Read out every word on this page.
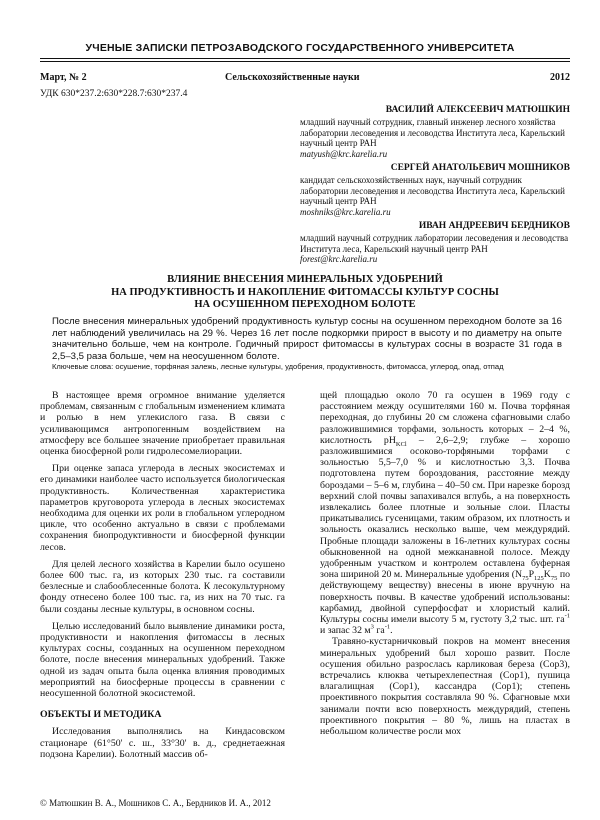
УЧЕНЫЕ ЗАПИСКИ ПЕТРОЗАВОДСКОГО ГОСУДАРСТВЕННОГО УНИВЕРСИТЕТА
Март, № 2	Сельскохозяйственные науки	2012
УДК 630*237.2:630*228.7:630*237.4
ВАСИЛИЙ АЛЕКСЕЕВИЧ МАТЮШКИН
младший научный сотрудник, главный инженер лесного хозяйства лаборатории лесоведения и лесоводства Института леса, Карельский научный центр РАН
matyush@krc.karelia.ru
СЕРГЕЙ АНАТОЛЬЕВИЧ МОШНИКОВ
кандидат сельскохозяйственных наук, научный сотрудник лаборатории лесоведения и лесоводства Института леса, Карельский научный центр РАН
moshniks@krc.karelia.ru
ИВАН АНДРЕЕВИЧ БЕРДНИКОВ
младший научный сотрудник лаборатории лесоведения и лесоводства Института леса, Карельский научный центр РАН
forest@krc.karelia.ru
ВЛИЯНИЕ ВНЕСЕНИЯ МИНЕРАЛЬНЫХ УДОБРЕНИЙ
НА ПРОДУКТИВНОСТЬ И НАКОПЛЕНИЕ ФИТОМАССЫ КУЛЬТУР СОСНЫ
НА ОСУШЕННОМ ПЕРЕХОДНОМ БОЛОТЕ
После внесения минеральных удобрений продуктивность культур сосны на осушенном переходном болоте за 16 лет наблюдений увеличилась на 29 %. Через 16 лет после подкормки прирост в высоту и по диаметру на опыте значительно больше, чем на контроле. Годичный прирост фитомассы в культурах сосны в возрасте 31 года в 2,5–3,5 раза больше, чем на неосушенном болоте.
Ключевые слова: осушение, торфяная залежь, лесные культуры, удобрения, продуктивность, фитомасса, углерод, опад, отпад

В настоящее время огромное внимание уделяется проблемам, связанным с глобальным изменением климата и ролью в нем углекислого газа. В связи с усиливающимся антропогенным воздействием на атмосферу все большее значение приобретает правильная оценка биосферной роли гидролесомелиорации.

При оценке запаса углерода в лесных экосистемах и его динамики наиболее часто используется биологическая продуктивность. Количественная характеристика параметров круговорота углерода в лесных экосистемах необходима для оценки их роли в глобальном углеродном цикле, что особенно актуально в связи с проблемами сохранения биопродуктивности и биосферной функции лесов.

Для целей лесного хозяйства в Карелии было осушено более 600 тыс. га, из которых 230 тыс. га составили безлесные и слабооблесенные болота. К лесокультурному фонду отнесено более 100 тыс. га, из них на 70 тыс. га были созданы лесные культуры, в основном сосны.

Целью исследований было выявление динамики роста, продуктивности и накопления фитомассы в лесных культурах сосны, созданных на осушенном переходном болоте, после внесения минеральных удобрений. Также одной из задач опыта была оценка влияния проводимых мероприятий на биосферные процессы в сравнении с неосушенной болотной экосистемой.

ОБЪЕКТЫ И МЕТОДИКА

Исследования выполнялись на Киндасовском стационаре (61°50' с. ш., 33°30' в. д., среднетаежная подзона Карелии). Болотный массив об-

щей площадью около 70 га осушен в 1969 году с расстоянием между осушителями 160 м. Почва торфяная переходная, до глубины 20 см сложена сфагновыми слабо разложившимися торфами, зольность которых – 2–4 %, кислотность $pH_{KCl} - 2,6-2,9$; глубже – хорошо разложившимися осоково-торфяными торфами с зольностью 5,5–7,0 % и кислотностью 3,3. Почва подготовлена путем бороздования, расстояние между бороздами – 5–6 м, глубина – 40–50 см. При нарезке борозд верхний слой почвы запахивался вглубь, а на поверхность извлекались более плотные и зольные слои. Пласты прикатывались гусеницами, таким образом, их плотность и зольность оказались несколько выше, чем междурядий. Пробные площади заложены в 16-летних культурах сосны обыкновенной на одной межканавной полосе. Между удобренным участком и контролем оставлена буферная зона шириной 20 м. Минеральные удобрения ($N_{75}P_{125}K_{75}$ по действующему веществу) внесены в июне вручную на поверхность почвы. В качестве удобрений использованы: карбамид, двойной суперфосфат и хлористый калий. Культуры сосны имели высоту 5 м, густоту 3,2 тыс. шт. $га^{-1}$ и запас 32 $м^3$ $га^{-1}$.

Травяно-кустарничковый покров на момент внесения минеральных удобрений был хорошо развит. После осушения обильно разрослась карликовая береза (Cop3), встречались клюква четырехлепестная (Cop1), пушица влагалищная (Cop1), кассандра (Cop1); степень проективного покрытия составляла 90 %. Сфагновые мхи занимали почти всю поверхность междурядий, степень проективного покрытия – 80 %, лишь на пластах в небольшом количестве росли мох

© Матюшкин В. А., Мошников С. А., Бердников И. А., 2012
